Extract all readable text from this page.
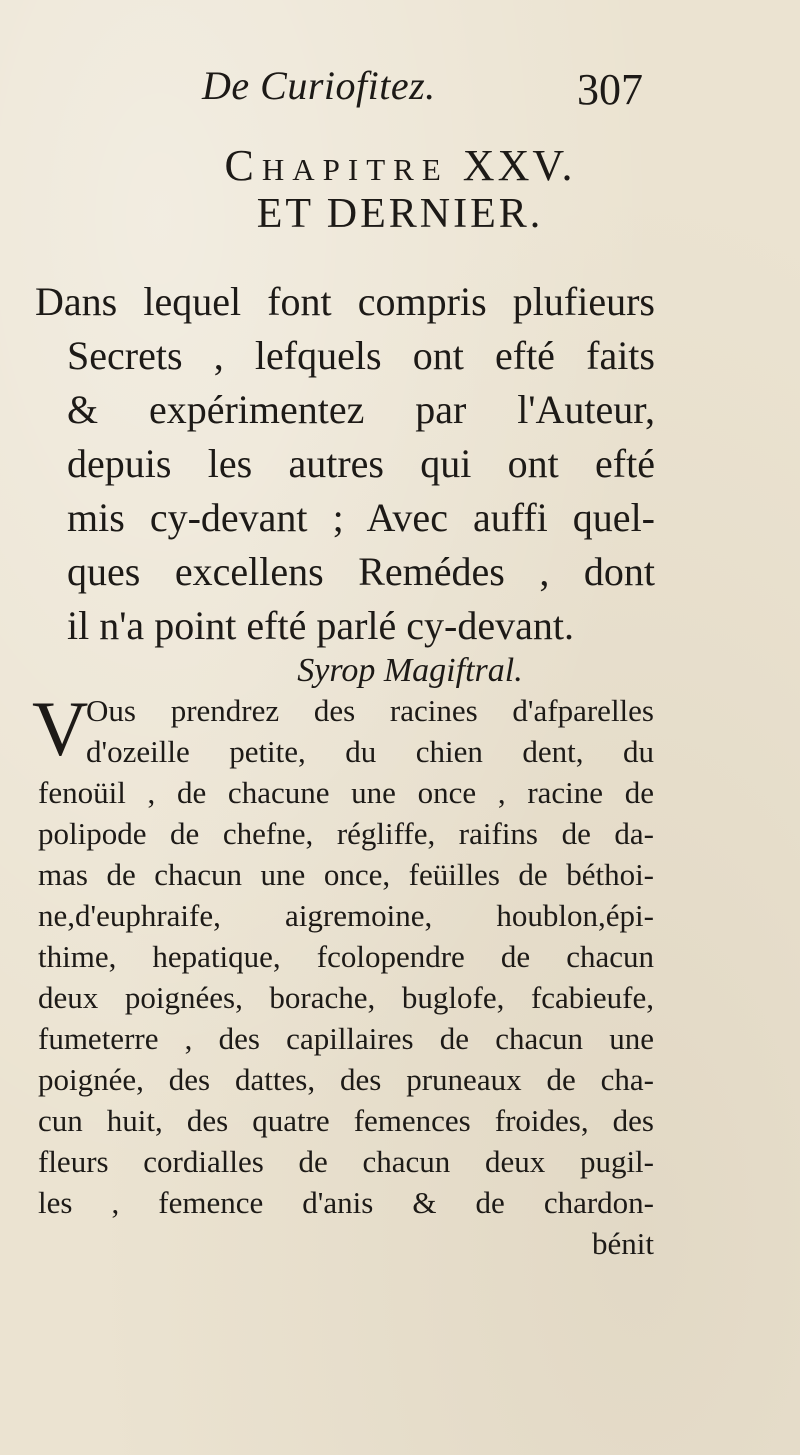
De Curiofitez.	307
Chapitre XXV.
ET DERNIER.
Dans lequel font compris plufieurs
Secrets , lefquels ont efté faits
& expérimentez par l'Auteur,
depuis les autres qui ont efté
mis cy-devant ; Avec auffi quel-
ques excellens Remédes , dont
il n'a point efté parlé cy-devant.
Syrop Magiftral.
V
Ous prendrez des racines d'afparelles
d'ozeille petite, du chien dent, du
fenoüil , de chacune une once , racine de
polipode de chefne, régliffe, raifins de da-
mas de chacun une once, feüilles de béthoi-
ne,d'euphraife, aigremoine, houblon,épi-
thime, hepatique, fcolopendre de chacun
deux poignées, borache, buglofe, fcabieufe,
fumeterre , des capillaires de chacun une
poignée, des dattes, des pruneaux de cha-
cun huit, des quatre femences froides, des
fleurs cordialles de chacun deux pugil-
les , femence d'anis & de chardon-
bénit
